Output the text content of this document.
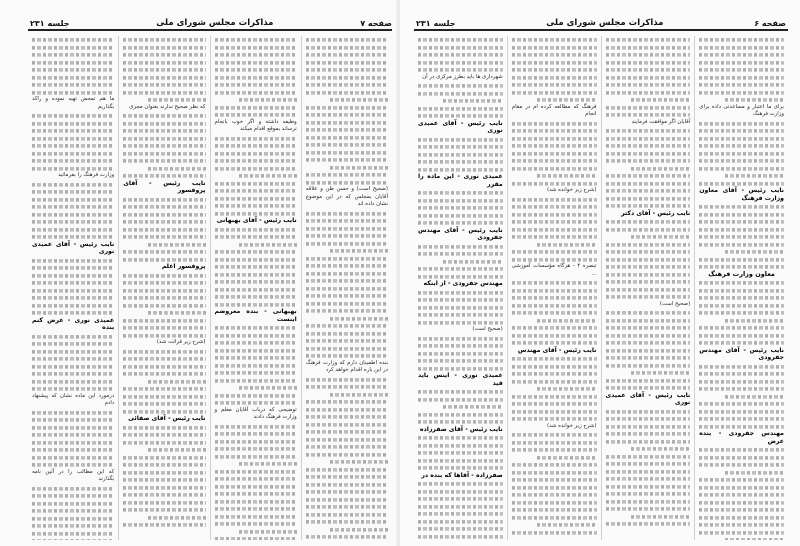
صفحه ۷
مذاکرات مجلس شورای ملی
جلسه ۲۳۱

(صحیح است) و حسن ظن و علاقه آقایان بمجلس که در این موضوع نشان داده اند

بنده اطمینان دارم که وزارت فرهنگ در این باره اقدام خواهد کرد

وظیفه داشته و اگر خوب بانجام نرساند بموقع اقدام میکند

نایب رئیس - آقای بهبهانی

بهبهانی - بنده معروضم اینست

توضیحی که درباب آقایان معلم و وزارت فرهنگ دادند

که نظر صحیح ندارند بعنوان مجری

نایب رئیس - آقای پروفسور

پروفسور اعلم

(شرح زیر قرائت شد)

نایب رئیس - آقای صفائی

ما هم تمحض تهیه نموده و راکد بگذاریم

وزارت فرهنگ را بفرمائید

نایب رئیس - آقای عمیدی نوری

عمیدی نوری - عرض کنم بنده

درمورد این ماده نشان که پیشنهاد دادم

که این مطالب را در آئین نامه بگذارند

صفحه ۶
مذاکرات مجلس شورای ملی
جلسه ۲۳۱

برای ما اعتبار و مساعدتی داده برای وزارت فرهنگ

نایب رئیس - آقای معاون وزارت فرهنگ

معاون وزارت فرهنگ

نایب رئیس - آقای مهندس جفرودی

مهندس جفرودی - بنده عرض

آقایان اگر موافقت فرمایند

نایب رئیس - آقای دکتر

(صحیح است)

نایب رئیس - آقای عمیدی نوری

فرهنگ که مطالعه کرده ام در مقام انجام

(شرح زیر خوانده شد)

تبصره ۴ - هرگاه مؤسسات آموزشی ...

نایب رئیس - آقای مهندس

(شرح زیر خوانده شد)

شهرداری ها باید بطرز مرکزی در آن

نایب رئیس - آقای عمیدی نوری

عمیدی نوری - این ماده را مقرر

نایب رئیس - آقای مهندس جفرودی

مهندس جفرودی - از اینکه

(صحیح است)

عمیدی نوری - اینس باید قید

نایب رئیس - آقای صفرزاده

صفرزاده - آقاها که بنده در
